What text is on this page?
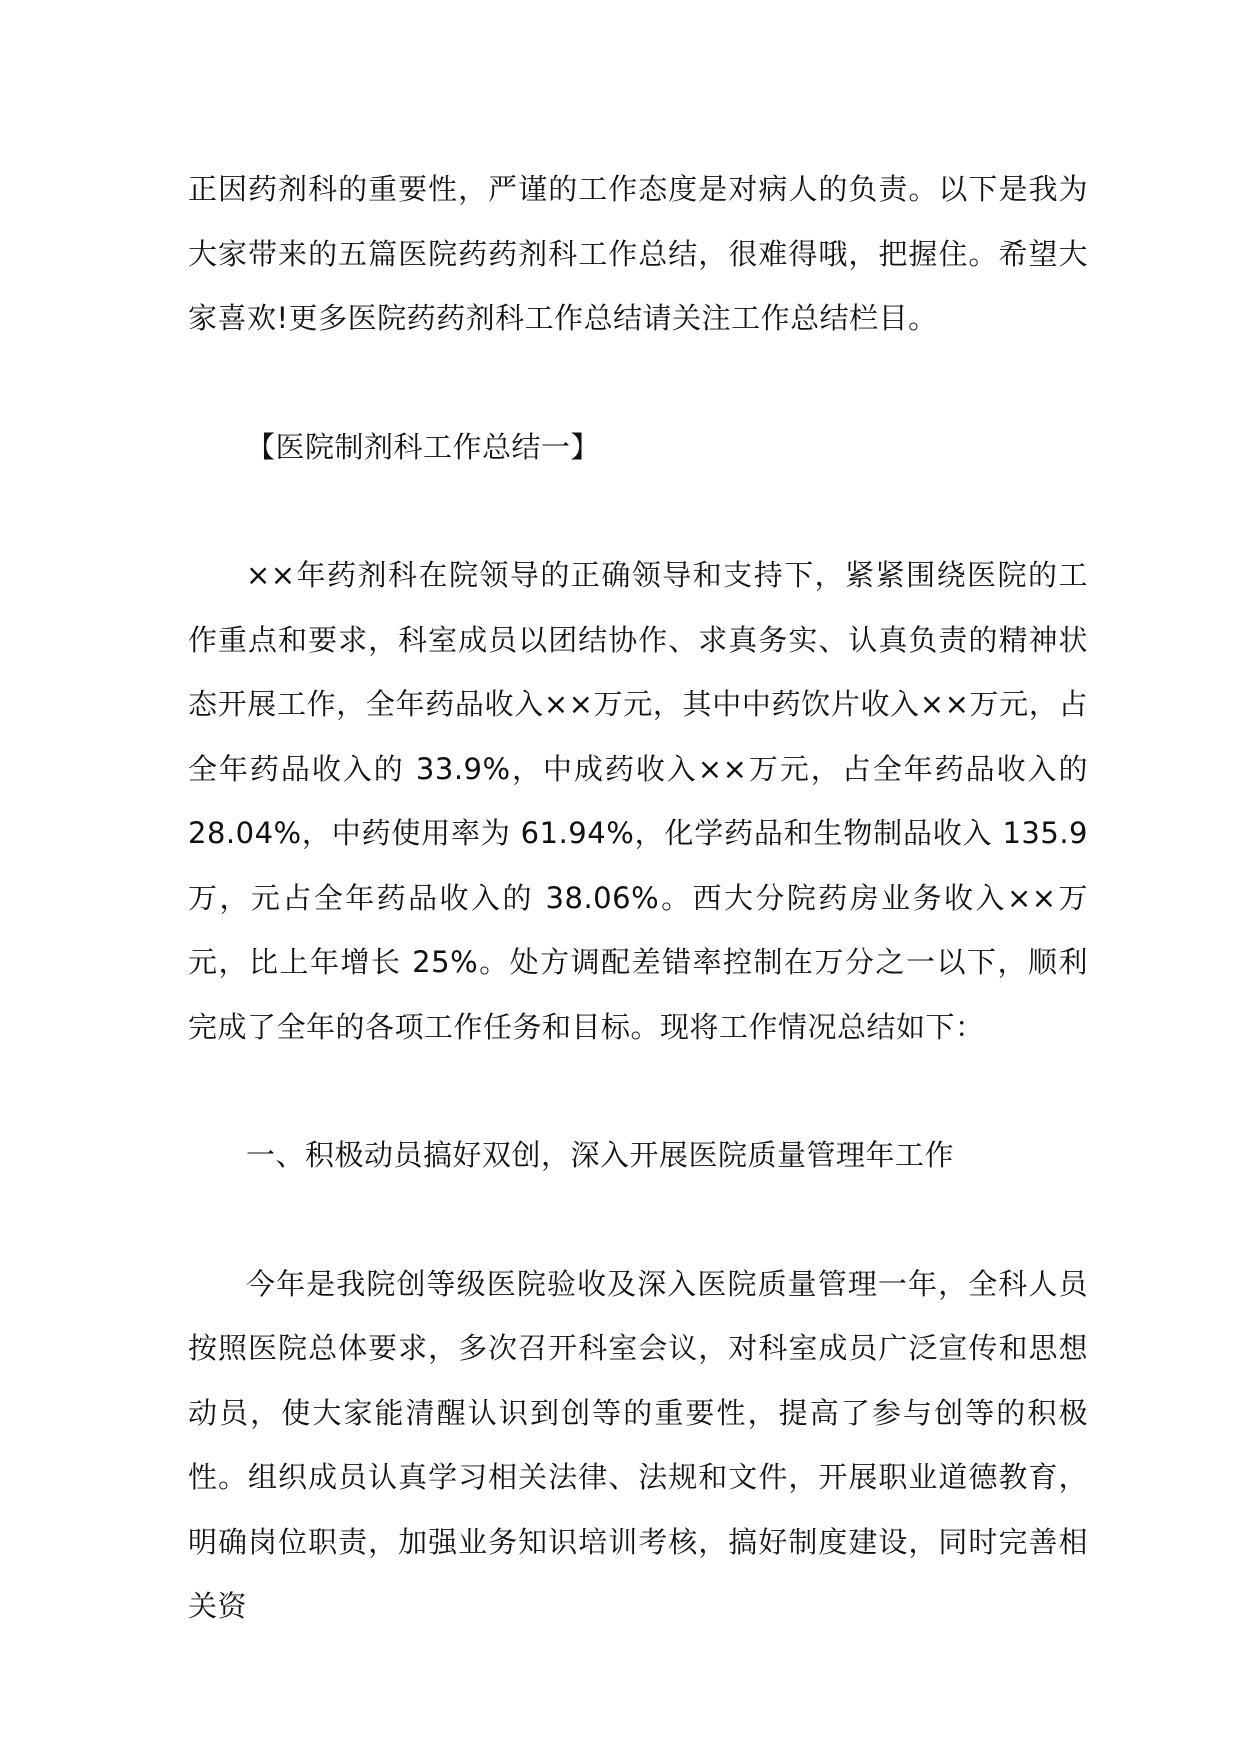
正因药剂科的重要性，严谨的工作态度是对病人的负责。以下是我为大家带来的五篇医院药药剂科工作总结，很难得哦，把握住。希望大家喜欢!更多医院药药剂科工作总结请关注工作总结栏目。

【医院制剂科工作总结一】

××年药剂科在院领导的正确领导和支持下，紧紧围绕医院的工作重点和要求，科室成员以团结协作、求真务实、认真负责的精神状态开展工作，全年药品收入××万元，其中中药饮片收入××万元，占全年药品收入的 33.9%，中成药收入××万元，占全年药品收入的 28.04%，中药使用率为 61.94%，化学药品和生物制品收入 135.9 万，元占全年药品收入的 38.06%。西大分院药房业务收入××万元，比上年增长 25%。处方调配差错率控制在万分之一以下，顺利完成了全年的各项工作任务和目标。现将工作情况总结如下：

一、积极动员搞好双创，深入开展医院质量管理年工作

今年是我院创等级医院验收及深入医院质量管理一年，全科人员按照医院总体要求，多次召开科室会议，对科室成员广泛宣传和思想动员，使大家能清醒认识到创等的重要性，提高了参与创等的积极性。组织成员认真学习相关法律、法规和文件，开展职业道德教育，明确岗位职责，加强业务知识培训考核，搞好制度建设，同时完善相关资
